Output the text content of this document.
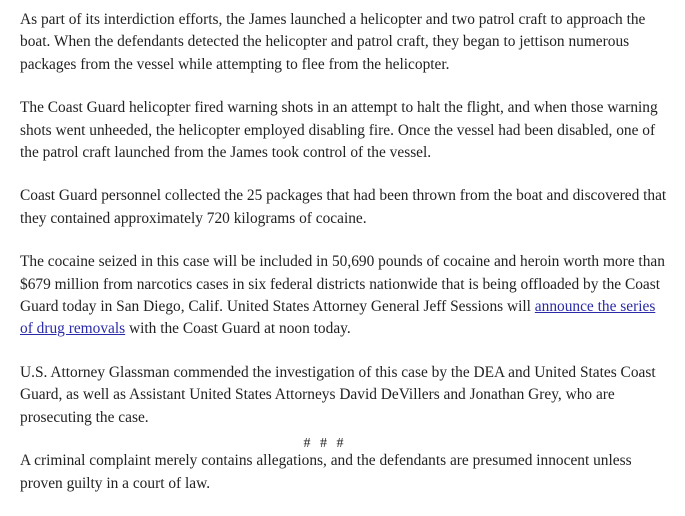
As part of its interdiction efforts, the James launched a helicopter and two patrol craft to approach the boat. When the defendants detected the helicopter and patrol craft, they began to jettison numerous packages from the vessel while attempting to flee from the helicopter.

The Coast Guard helicopter fired warning shots in an attempt to halt the flight, and when those warning shots went unheeded, the helicopter employed disabling fire. Once the vessel had been disabled, one of the patrol craft launched from the James took control of the vessel.

Coast Guard personnel collected the 25 packages that had been thrown from the boat and discovered that they contained approximately 720 kilograms of cocaine.

The cocaine seized in this case will be included in 50,690 pounds of cocaine and heroin worth more than $679 million from narcotics cases in six federal districts nationwide that is being offloaded by the Coast Guard today in San Diego, Calif. United States Attorney General Jeff Sessions will announce the series of drug removals with the Coast Guard at noon today.

U.S. Attorney Glassman commended the investigation of this case by the DEA and United States Coast Guard, as well as Assistant United States Attorneys David DeVillers and Jonathan Grey, who are prosecuting the case.

A criminal complaint merely contains allegations, and the defendants are presumed innocent unless proven guilty in a court of law.

# # #
